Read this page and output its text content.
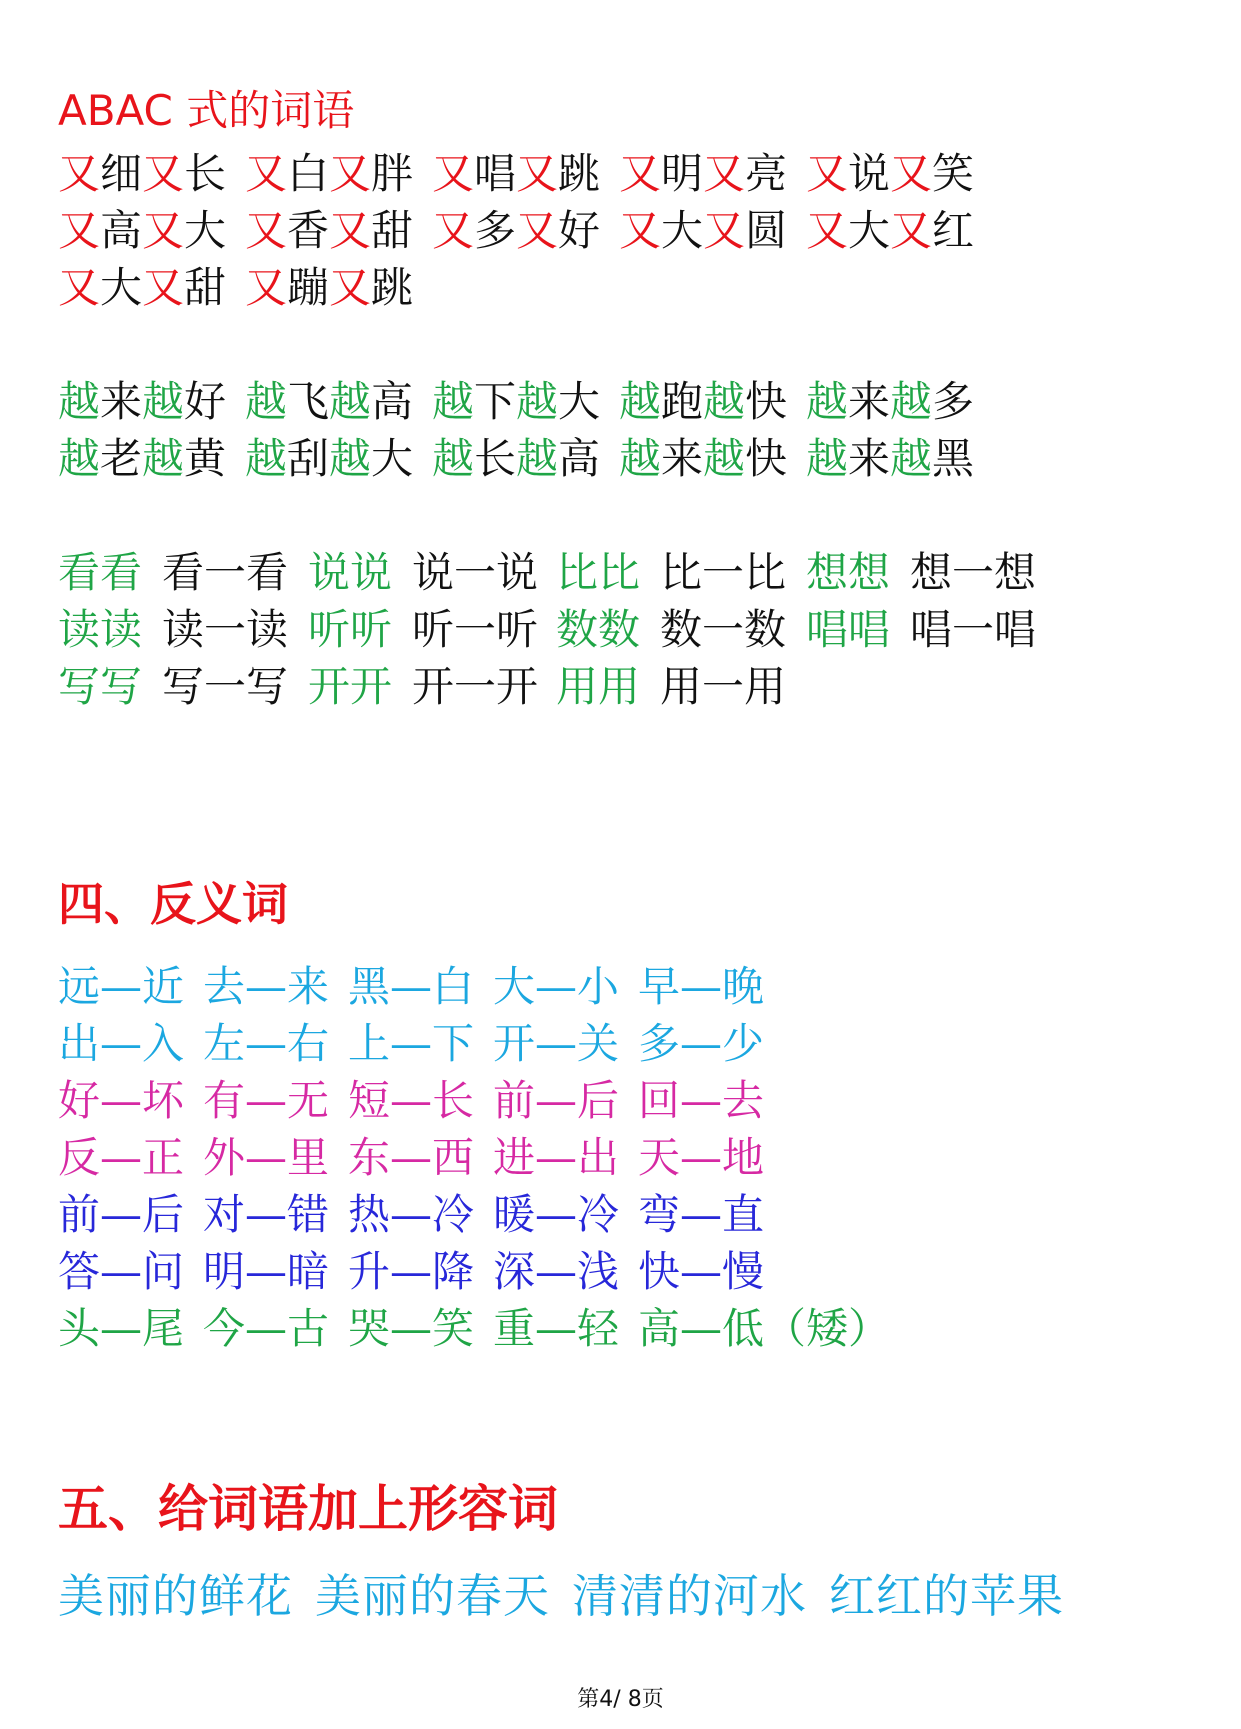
ABAC 式的词语
又细又长 又白又胖 又唱又跳 又明又亮 又说又笑
又高又大 又香又甜 又多又好 又大又圆 又大又红
又大又甜 又蹦又跳
越来越好 越飞越高 越下越大 越跑越快 越来越多
越老越黄 越刮越大 越长越高 越来越快 越来越黑
看看 看一看 说说 说一说 比比 比一比 想想 想一想
读读 读一读 听听 听一听 数数 数一数 唱唱 唱一唱
写写 写一写 开开 开一开 用用 用一用
四、反义词
远—近 去—来 黑—白 大—小 早—晚
出—入 左—右 上—下 开—关 多—少
好—坏 有—无 短—长 前—后 回—去
反—正 外—里 东—西 进—出 天—地
前—后 对—错 热—冷 暖—冷 弯—直
答—问 明—暗 升—降 深—浅 快—慢
头—尾 今—古 哭—笑 重—轻 高—低（矮）
五、给词语加上形容词
美丽的鲜花 美丽的春天 清清的河水 红红的苹果
第4/ 8页
